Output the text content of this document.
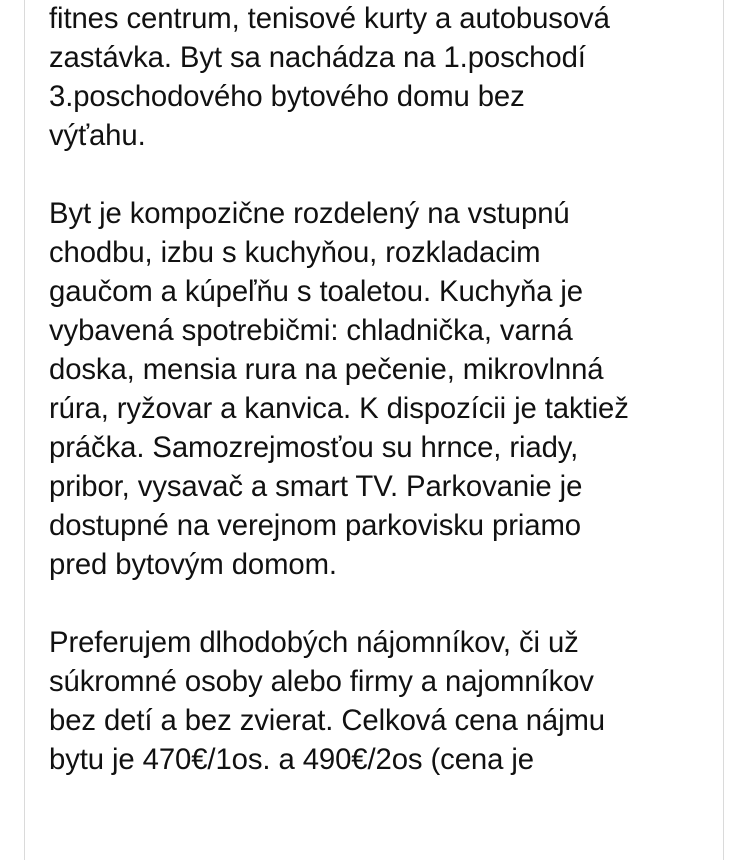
fitnes centrum, tenisové kurty a autobusová
zastávka. Byt sa nachádza na 1.poschodí
3.poschodového bytového domu bez
výťahu.

Byt je kompozične rozdelený na vstupnú
chodbu, izbu s kuchyňou, rozkladacim
gaučom a kúpeľňu s toaletou. Kuchyňa je
vybavená spotrebičmi: chladnička, varná
doska, mensia rura na pečenie, mikrovlnná
rúra, ryžovar a kanvica. K dispozícii je taktiež
práčka. Samozrejmosťou su hrnce, riady,
pribor, vysavač a smart TV. Parkovanie je
dostupné na verejnom parkovisku priamo
pred bytovým domom.

Preferujem dlhodobých nájomníkov, či už
súkromné osoby alebo firmy a najomníkov
bez detí a bez zvierat. Celková cena nájmu
bytu je 470€/1os. a 490€/2os (cena je
